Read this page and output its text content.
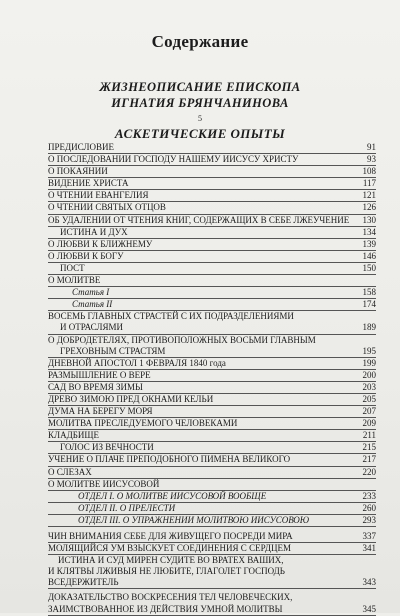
Содержание
ЖИЗНЕОПИСАНИЕ ЕПИСКОПА
ИГНАТИЯ БРЯНЧАНИНОВА
5
АСКЕТИЧЕСКИЕ ОПЫТЫ
ПРЕДИСЛОВИЕ	91
О ПОСЛЕДОВАНИИ ГОСПОДУ НАШЕМУ ИИСУСУ ХРИСТУ	93
О ПОКАЯНИИ	108
ВИДЕНИЕ ХРИСТА	117
О ЧТЕНИИ ЕВАНГЕЛИЯ	121
О ЧТЕНИИ СВЯТЫХ ОТЦОВ	126
ОБ УДАЛЕНИИ ОТ ЧТЕНИЯ КНИГ, СОДЕРЖАЩИХ В СЕБЕ ЛЖЕУЧЕНИЕ 130
ИСТИНА И ДУХ	134
О ЛЮБВИ К БЛИЖНЕМУ	139
О ЛЮБВИ К БОГУ	146
ПОСТ	150
О МОЛИТВЕ
Статья I	158
Статья II	174
ВОСЕМЬ ГЛАВНЫХ СТРАСТЕЙ С ИХ ПОДРАЗДЕЛЕНИЯМИ
И ОТРАСЛЯМИ	189
О ДОБРОДЕТЕЛЯХ, ПРОТИВОПОЛОЖНЫХ ВОСЬМИ ГЛАВНЫМ
ГРЕХОВНЫМ СТРАСТЯМ	195
ДНЕВНОЙ АПОСТОЛ 1 ФЕВРАЛЯ 1840 года	199
РАЗМЫШЛЕНИЕ О ВЕРЕ	200
САД ВО ВРЕМЯ ЗИМЫ	203
ДРЕВО ЗИМОЮ ПРЕД ОКНАМИ КЕЛЬИ	205
ДУМА НА БЕРЕГУ МОРЯ	207
МОЛИТВА ПРЕСЛЕДУЕМОГО ЧЕЛОВЕКАМИ	209
КЛАДБИЩЕ	211
ГОЛОС ИЗ ВЕЧНОСТИ	215
УЧЕНИЕ О ПЛАЧЕ ПРЕПОДОБНОГО ПИМЕНА ВЕЛИКОГО	217
О СЛЕЗАХ	220
О МОЛИТВЕ ИИСУСОВОЙ
ОТДЕЛ I. О МОЛИТВЕ ИИСУСОВОЙ ВООБЩЕ	233
ОТДЕЛ II. О ПРЕЛЕСТИ	260
ОТДЕЛ III. О УПРАЖНЕНИИ МОЛИТВОЮ ИИСУСОВОЮ	293
ЧИН ВНИМАНИЯ СЕБЕ ДЛЯ ЖИВУЩЕГО ПОСРЕДИ МИРА	337
МОЛЯЩИЙСЯ УМ ВЗЫСКУЕТ СОЕДИНЕНИЯ С СЕРДЦЕМ	341
ИСТИНА И СУД МИРЕН СУДИТЕ ВО ВРАТЕХ ВАШИХ,
И КЛЯТВЫ ЛЖИВЫЯ НЕ ЛЮБИТЕ, ГЛАГОЛЕТ ГОСПОДЬ
ВСЕДЕРЖИТЕЛЬ	343
ДОКАЗАТЕЛЬСТВО ВОСКРЕСЕНИЯ ТЕЛ ЧЕЛОВЕЧЕСКИХ,
ЗАИМСТВОВАННОЕ ИЗ ДЕЙСТВИЯ УМНОЙ МОЛИТВЫ	345
